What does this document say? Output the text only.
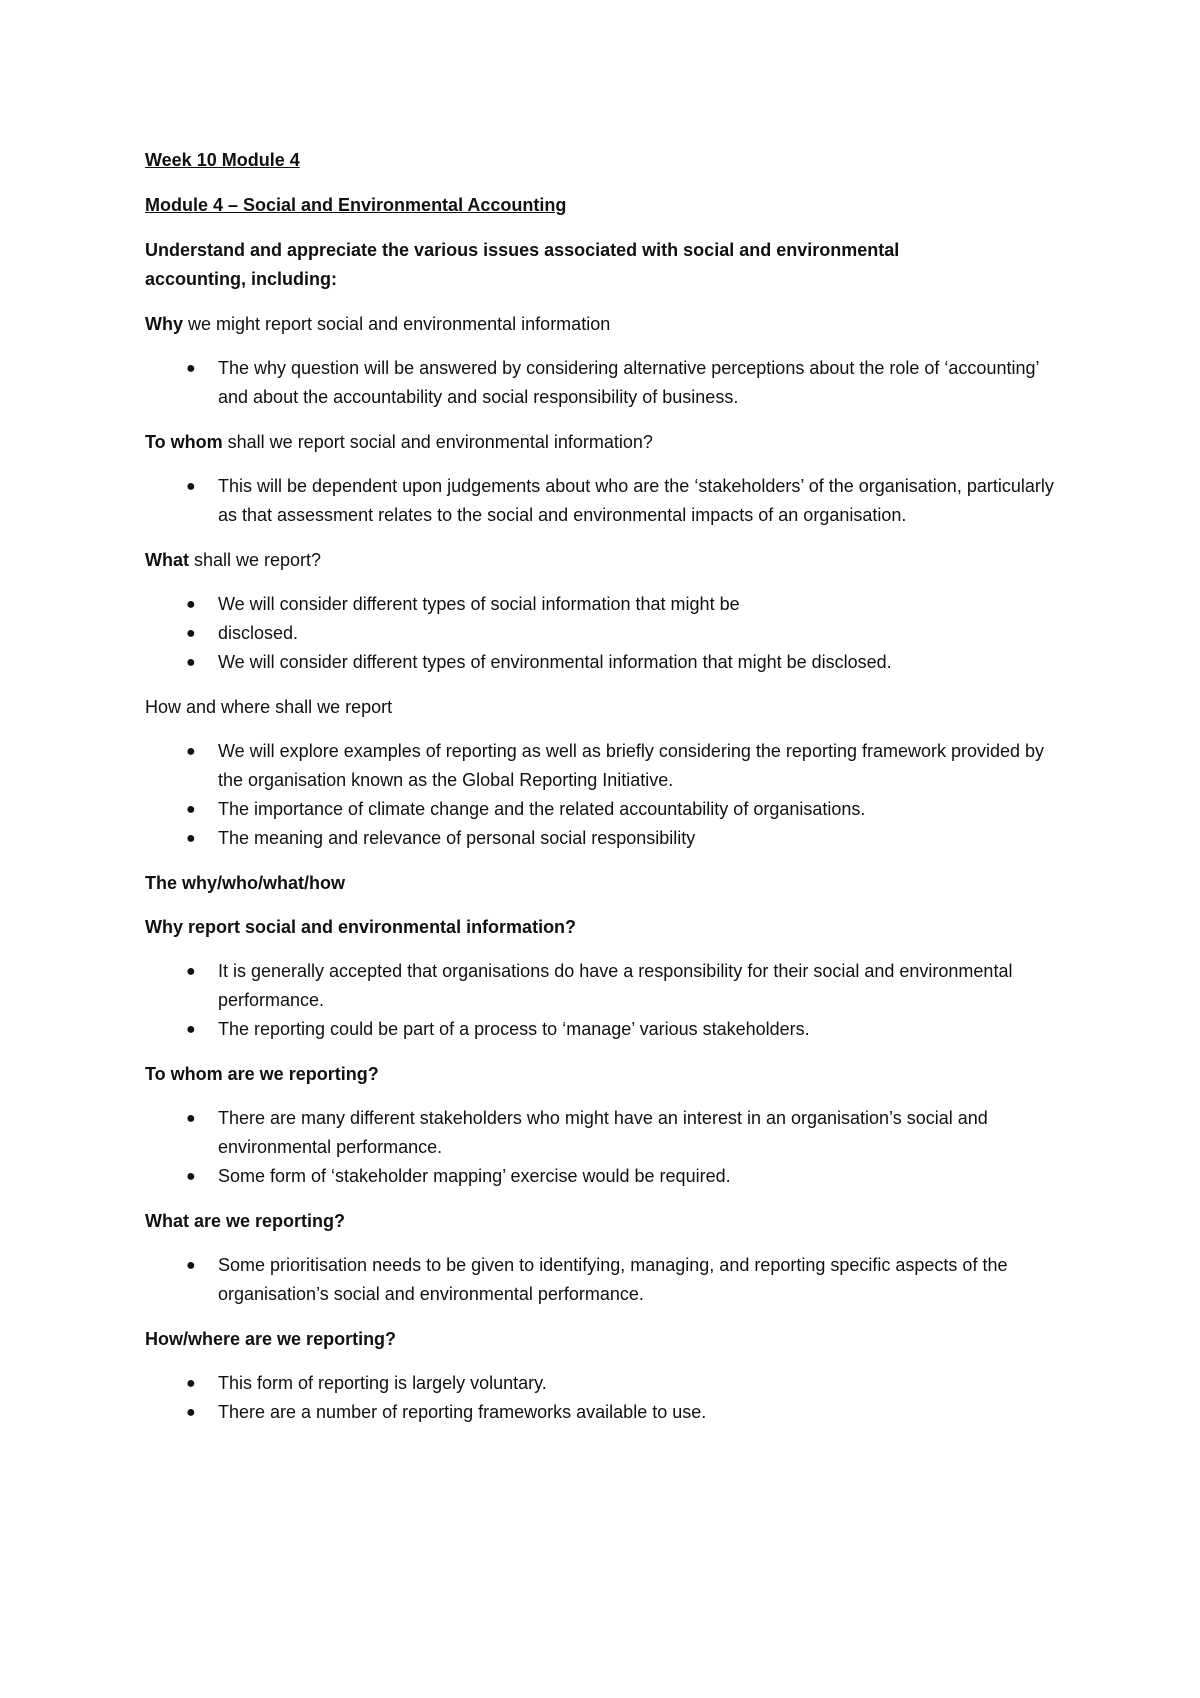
Week 10 Module 4

Module 4 – Social and Environmental Accounting

Understand and appreciate the various issues associated with social and environmental accounting, including:

Why we might report social and environmental information

● The why question will be answered by considering alternative perceptions about the role of ‘accounting’ and about the accountability and social responsibility of business.

To whom shall we report social and environmental information?

● This will be dependent upon judgements about who are the ‘stakeholders’ of the organisation, particularly as that assessment relates to the social and environmental impacts of an organisation.

What shall we report?

● We will consider different types of social information that might be
● disclosed.
● We will consider different types of environmental information that might be disclosed.

How and where shall we report

● We will explore examples of reporting as well as briefly considering the reporting framework provided by the organisation known as the Global Reporting Initiative.
● The importance of climate change and the related accountability of organisations.
● The meaning and relevance of personal social responsibility

The why/who/what/how

Why report social and environmental information?

● It is generally accepted that organisations do have a responsibility for their social and environmental performance.
● The reporting could be part of a process to ‘manage’ various stakeholders.

To whom are we reporting?

● There are many different stakeholders who might have an interest in an organisation’s social and environmental performance.
● Some form of ‘stakeholder mapping’ exercise would be required.

What are we reporting?

● Some prioritisation needs to be given to identifying, managing, and reporting specific aspects of the organisation’s social and environmental performance.

How/where are we reporting?

● This form of reporting is largely voluntary.
● There are a number of reporting frameworks available to use.
